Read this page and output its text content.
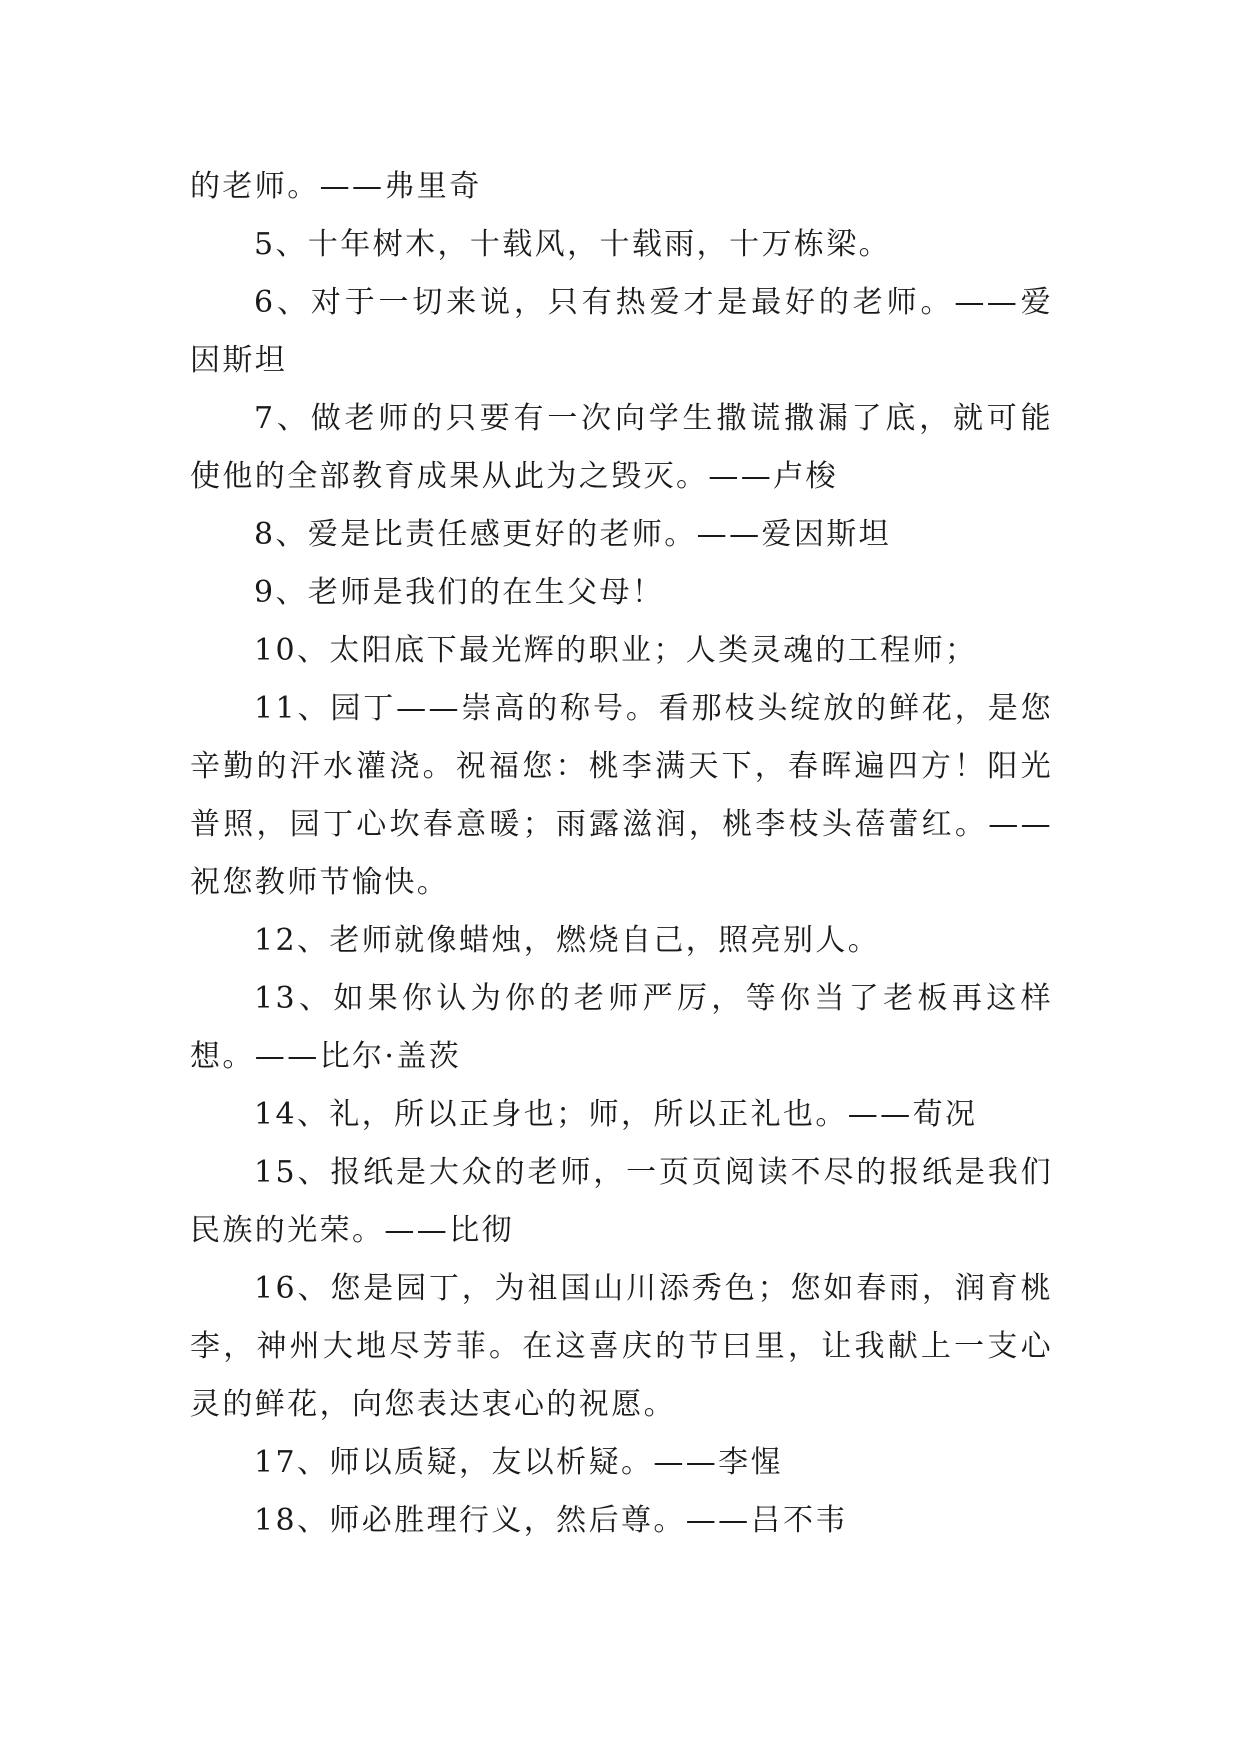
的老师。——弗里奇

5、十年树木，十载风，十载雨，十万栋梁。

6、对于一切来说，只有热爱才是最好的老师。——爱因斯坦

7、做老师的只要有一次向学生撒谎撒漏了底，就可能使他的全部教育成果从此为之毁灭。——卢梭

8、爱是比责任感更好的老师。——爱因斯坦

9、老师是我们的在生父母！

10、太阳底下最光辉的职业；人类灵魂的工程师；

11、园丁——崇高的称号。看那枝头绽放的鲜花，是您辛勤的汗水灌浇。祝福您：桃李满天下，春晖遍四方！阳光普照，园丁心坎春意暖；雨露滋润，桃李枝头蓓蕾红。——祝您教师节愉快。

12、老师就像蜡烛，燃烧自己，照亮别人。

13、如果你认为你的老师严厉，等你当了老板再这样想。——比尔·盖茨

14、礼，所以正身也；师，所以正礼也。——荀况

15、报纸是大众的老师，一页页阅读不尽的报纸是我们民族的光荣。——比彻

16、您是园丁，为祖国山川添秀色；您如春雨，润育桃李，神州大地尽芳菲。在这喜庆的节曰里，让我献上一支心灵的鲜花，向您表达衷心的祝愿。

17、师以质疑，友以析疑。——李惺

18、师必胜理行义，然后尊。——吕不韦
